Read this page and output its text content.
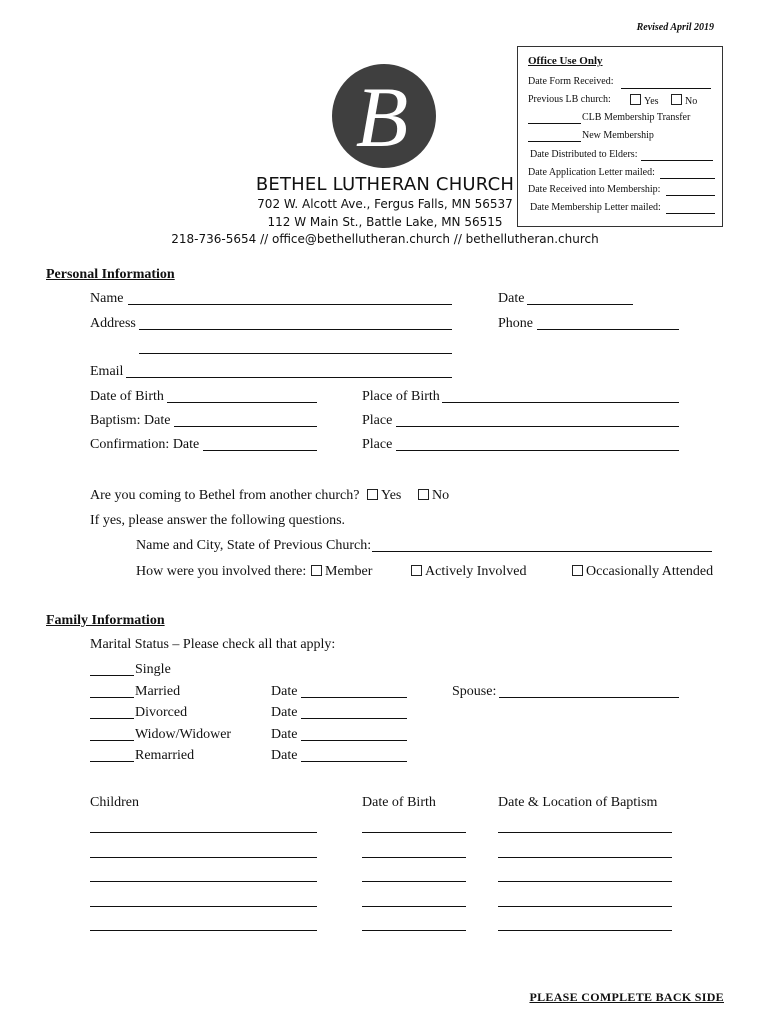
Revised April 2019
Office Use Only
Date Form Received:
Previous LB church:	Yes	No
CLB Membership Transfer
New Membership
Date Distributed to Elders:
Date Application Letter mailed:
Date Received into Membership:
Date Membership Letter mailed:
B
BETHEL LUTHERAN CHURCH
702 W. Alcott Ave., Fergus Falls, MN 56537
112 W Main St., Battle Lake, MN 56515
218-736-5654 // office@bethellutheran.church // bethellutheran.church
Personal Information
Name	Date
Address	Phone
Email
Date of Birth	Place of Birth
Baptism: Date	Place
Confirmation: Date	Place
Are you coming to Bethel from another church?	Yes	No
If yes, please answer the following questions.
Name and City, State of Previous Church:
How were you involved there:	Member	Actively Involved	Occasionally Attended
Family Information
Marital Status – Please check all that apply:
Single
Married	Date	Spouse:
Divorced	Date
Widow/Widower	Date
Remarried	Date
Children	Date of Birth	Date & Location of Baptism
PLEASE COMPLETE BACK SIDE
